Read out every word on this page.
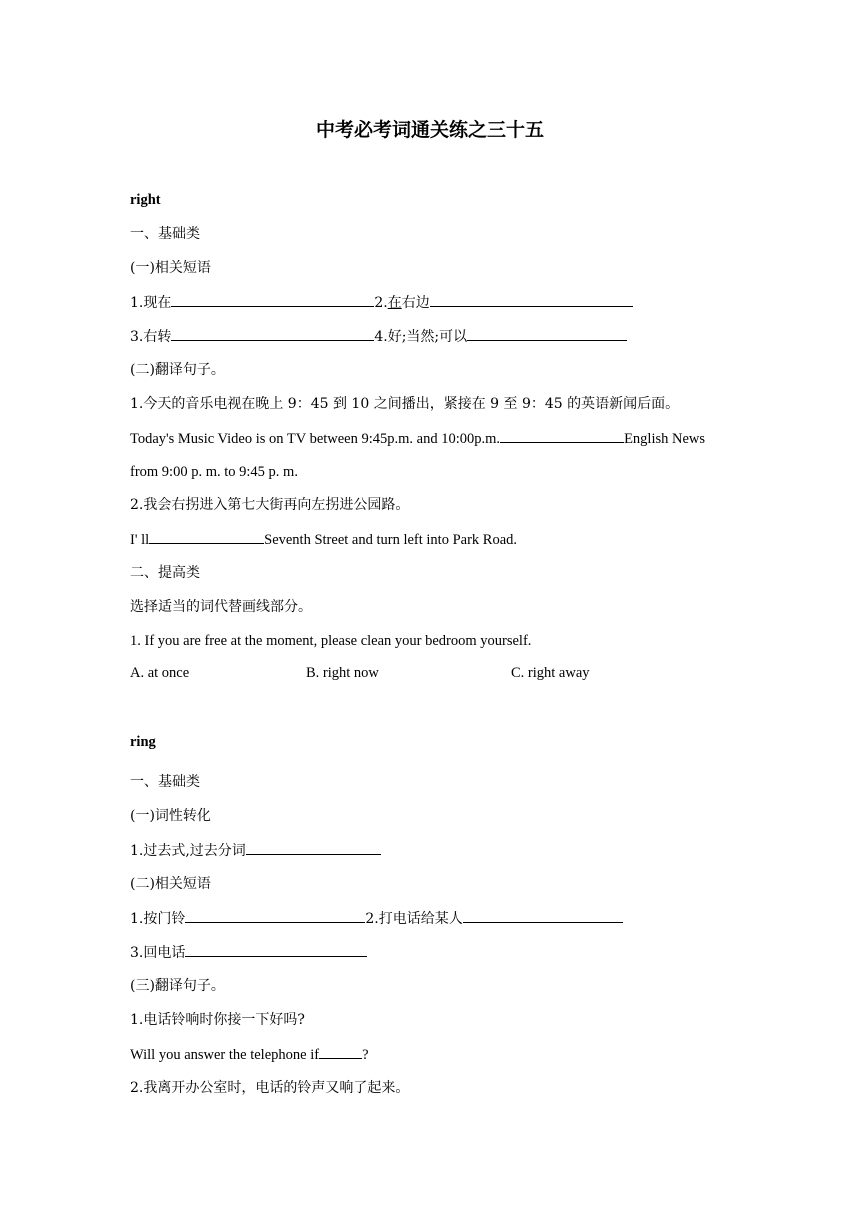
中考必考词通关练之三十五
right
一、基础类
(一)相关短语
1.现在	2.在右边
3.右转	4.好;当然;可以
(二)翻译句子。
1.今天的音乐电视在晚上 9：45 到 10 之间播出，紧接在 9 至 9：45 的英语新闻后面。
Today's Music Video is on TV between 9:45p.m. and 10:00p.m.	English News
from 9:00 p. m. to 9:45 p. m.
2.我会右拐进入第七大街再向左拐进公园路。
I' ll	Seventh Street and turn left into Park Road.
二、提高类
选择适当的词代替画线部分。
1. If you are free at the moment, please clean your bedroom yourself.
A. at once	B. right now	C. right away
ring
一、基础类
(一)词性转化
1.过去式,过去分词
(二)相关短语
1.按门铃	2.打电话给某人
3.回电话
(三)翻译句子。
1.电话铃响时你接一下好吗?
Will you answer the telephone if	?
2.我离开办公室时，电话的铃声又响了起来。
